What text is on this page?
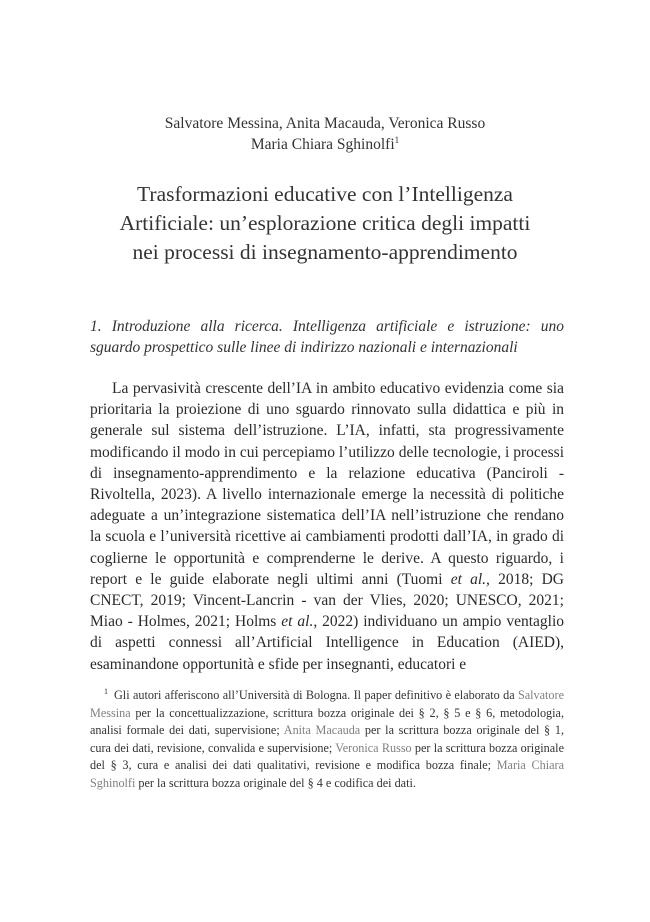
Salvatore Messina, Anita Macauda, Veronica Russo
Maria Chiara Sghinolfi$^1$
Trasformazioni educative con l’Intelligenza
Artificiale: un’esplorazione critica degli impatti
nei processi di insegnamento-apprendimento
1. Introduzione alla ricerca. Intelligenza artificiale e istruzione: uno sguardo prospettico sulle linee di indirizzo nazionali e internazionali

La pervasività crescente dell’IA in ambito educativo evidenzia come sia prioritaria la proiezione di uno sguardo rinnovato sulla didattica e più in generale sul sistema dell’istruzione. L’IA, infatti, sta progressivamente modificando il modo in cui percepiamo l’utilizzo delle tecnologie, i processi di insegnamento-apprendimento e la relazione educativa (Panciroli - Rivoltella, 2023). A livello internazionale emerge la necessità di politiche adeguate a un’integrazione sistematica dell’IA nell’istruzione che rendano la scuola e l’università ricettive ai cambiamenti prodotti dall’IA, in grado di coglierne le opportunità e comprenderne le derive. A questo riguardo, i report e le guide elaborate negli ultimi anni (Tuomi et al., 2018; DG CNECT, 2019; Vincent-Lancrin - van der Vlies, 2020; UNESCO, 2021; Miao - Holmes, 2021; Holms et al., 2022) individuano un ampio ventaglio di aspetti connessi all’Artificial Intelligence in Education (AIED), esaminandone opportunità e sfide per insegnanti, educatori e

$^1$ Gli autori afferiscono all’Università di Bologna. Il paper definitivo è elaborato da Salvatore Messina per la concettualizzazione, scrittura bozza originale dei § 2, § 5 e § 6, metodologia, analisi formale dei dati, supervisione; Anita Macauda per la scrittura bozza originale del § 1, cura dei dati, revisione, convalida e supervisione; Veronica Russo per la scrittura bozza originale del § 3, cura e analisi dei dati qualitativi, revisione e modifica bozza finale; Maria Chiara Sghinolfi per la scrittura bozza originale del § 4 e codifica dei dati.
